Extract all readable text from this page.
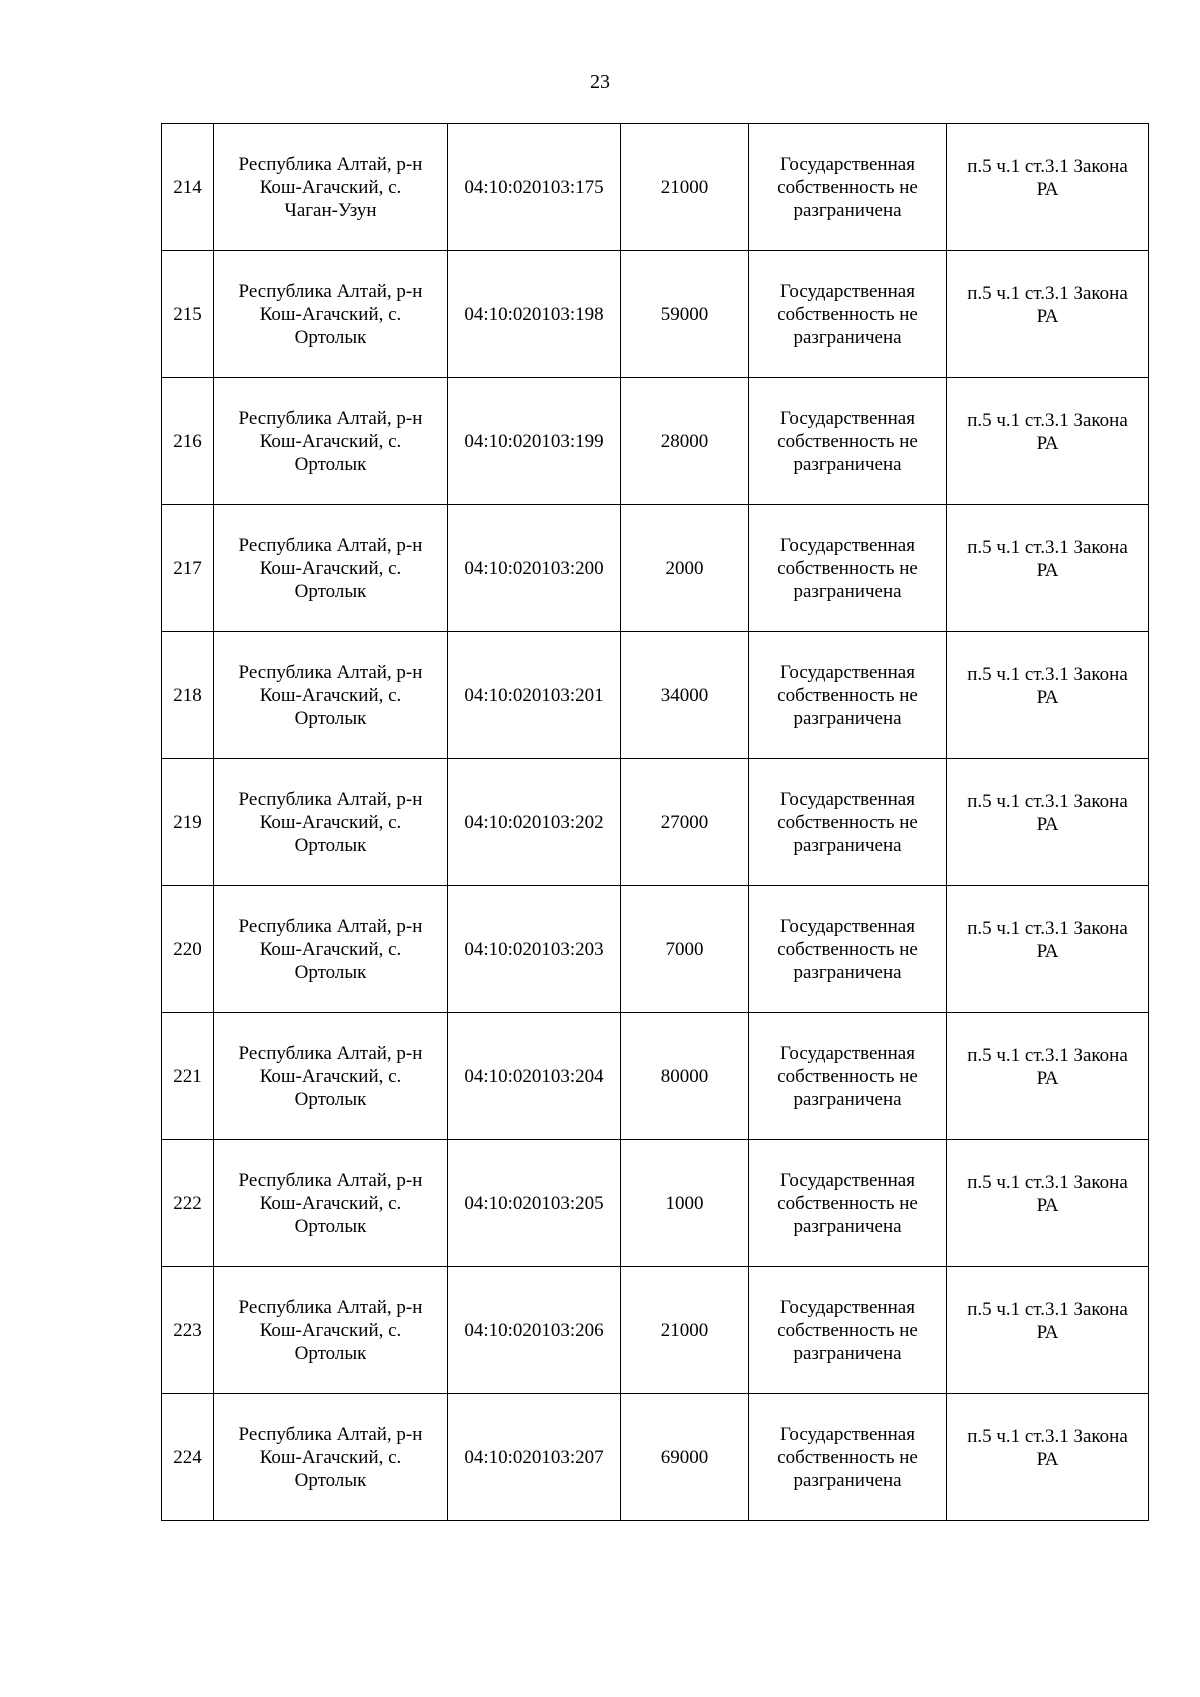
23
214	Республика Алтай, р-н
Кош-Агачский, с.
Чаган-Узун	04:10:020103:175	21000	Государственная
собственность не
разграничена	п.5 ч.1 ст.3.1 Закона
РА

215	Республика Алтай, р-н
Кош-Агачский, с.
Ортолык	04:10:020103:198	59000	Государственная
собственность не
разграничена	п.5 ч.1 ст.3.1 Закона
РА

216	Республика Алтай, р-н
Кош-Агачский, с.
Ортолык	04:10:020103:199	28000	Государственная
собственность не
разграничена	п.5 ч.1 ст.3.1 Закона
РА

217	Республика Алтай, р-н
Кош-Агачский, с.
Ортолык	04:10:020103:200	2000	Государственная
собственность не
разграничена	п.5 ч.1 ст.3.1 Закона
РА

218	Республика Алтай, р-н
Кош-Агачский, с.
Ортолык	04:10:020103:201	34000	Государственная
собственность не
разграничена	п.5 ч.1 ст.3.1 Закона
РА

219	Республика Алтай, р-н
Кош-Агачский, с.
Ортолык	04:10:020103:202	27000	Государственная
собственность не
разграничена	п.5 ч.1 ст.3.1 Закона
РА

220	Республика Алтай, р-н
Кош-Агачский, с.
Ортолык	04:10:020103:203	7000	Государственная
собственность не
разграничена	п.5 ч.1 ст.3.1 Закона
РА

221	Республика Алтай, р-н
Кош-Агачский, с.
Ортолык	04:10:020103:204	80000	Государственная
собственность не
разграничена	п.5 ч.1 ст.3.1 Закона
РА

222	Республика Алтай, р-н
Кош-Агачский, с.
Ортолык	04:10:020103:205	1000	Государственная
собственность не
разграничена	п.5 ч.1 ст.3.1 Закона
РА

223	Республика Алтай, р-н
Кош-Агачский, с.
Ортолык	04:10:020103:206	21000	Государственная
собственность не
разграничена	п.5 ч.1 ст.3.1 Закона
РА

224	Республика Алтай, р-н
Кош-Агачский, с.
Ортолык	04:10:020103:207	69000	Государственная
собственность не
разграничена	п.5 ч.1 ст.3.1 Закона
РА
